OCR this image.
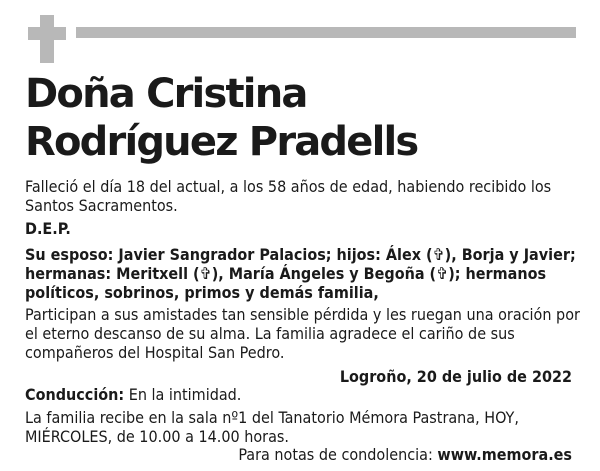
Doña Cristina
Rodríguez Pradells

Falleció el día 18 del actual, a los 58 años de edad, habiendo recibido los Santos Sacramentos.

D.E.P.

Su esposo: Javier Sangrador Palacios; hijos: Álex (✞), Borja y Javier; hermanas: Meritxell (✞), María Ángeles y Begoña (✞); hermanos políticos, sobrinos, primos y demás familia,

Participan a sus amistades tan sensible pérdida y les ruegan una oración por el eterno descanso de su alma. La familia agradece el cariño de sus compañeros del Hospital San Pedro.

Logroño, 20 de julio de 2022

Conducción: En la intimidad.

La familia recibe en la sala nº1 del Tanatorio Mémora Pastrana, HOY, MIÉRCOLES, de 10.00 a 14.00 horas.

Para notas de condolencia: www.memora.es
